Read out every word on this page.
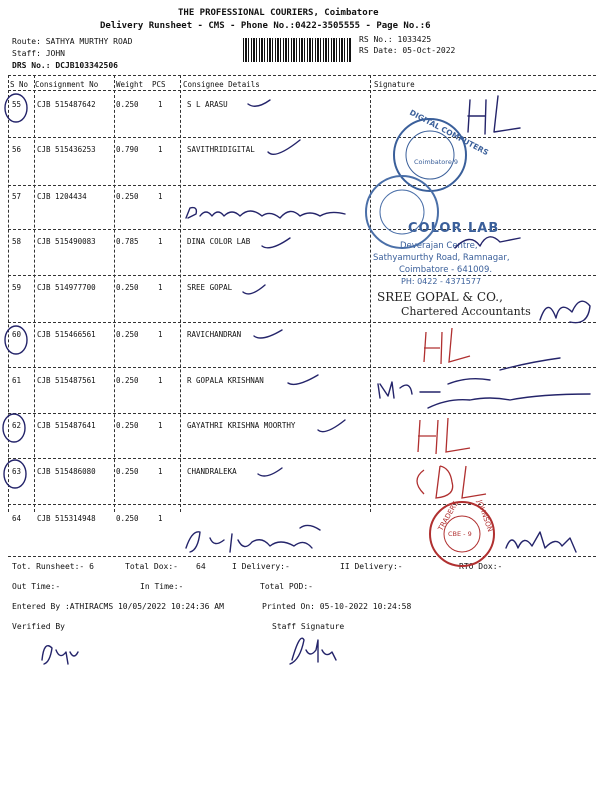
THE PROFESSIONAL COURIERS, Coimbatore
Delivery Runsheet - CMS - Phone No.:0422-3505555 - Page No.:6
Route: SATHYA MURTHY ROAD
Staff: JOHN
DRS No.: DCJB103342506
RS No.: 1033425
RS Date: 05-Oct-2022
S No Consignment No Weight PCS Consignee Details	Signature
55 CJB 515487642	0.250	1	S L ARASU
56 CJB 515436253	0.790	1	SAVITHRIDIGITAL
57 CJB 1204434	0.250	1
58 CJB 515490083	0.785	1	DINA COLOR LAB
59 CJB 514977700	0.250	1	SREE GOPAL
60 CJB 515466561	0.250	1	RAVICHANDRAN
61 CJB 515487561	0.250	1	R GOPALA KRISHNAN
62 CJB 515487641	0.250	1	GAYATHRI KRISHNA MOORTHY
63 CJB 515486080	0.250	1	CHANDRALEKA
64 CJB 515314948	0.250	1
Tot. Runsheet:- 6	Total Dox:- 64	I Delivery:-	II Delivery:-	RTO Dox:-
Out Time:-	In Time:-	Total POD:-
Entered By :ATHIRACMS 10/05/2022 10:24:36 AM	Printed On: 05-10-2022 10:24:58
Verified By	Staff Signature
COLOR LAB
Deverajan Centre,
Sathyamurthy Road, Ramnagar,
Coimbatore - 641009.
PH: 0422 - 4371577
SREE GOPAL & CO.,
Chartered Accountants
DIGITAL COMPUTERS
Coimbatore 9
TRADERS JOHNSON
CBE - 9
